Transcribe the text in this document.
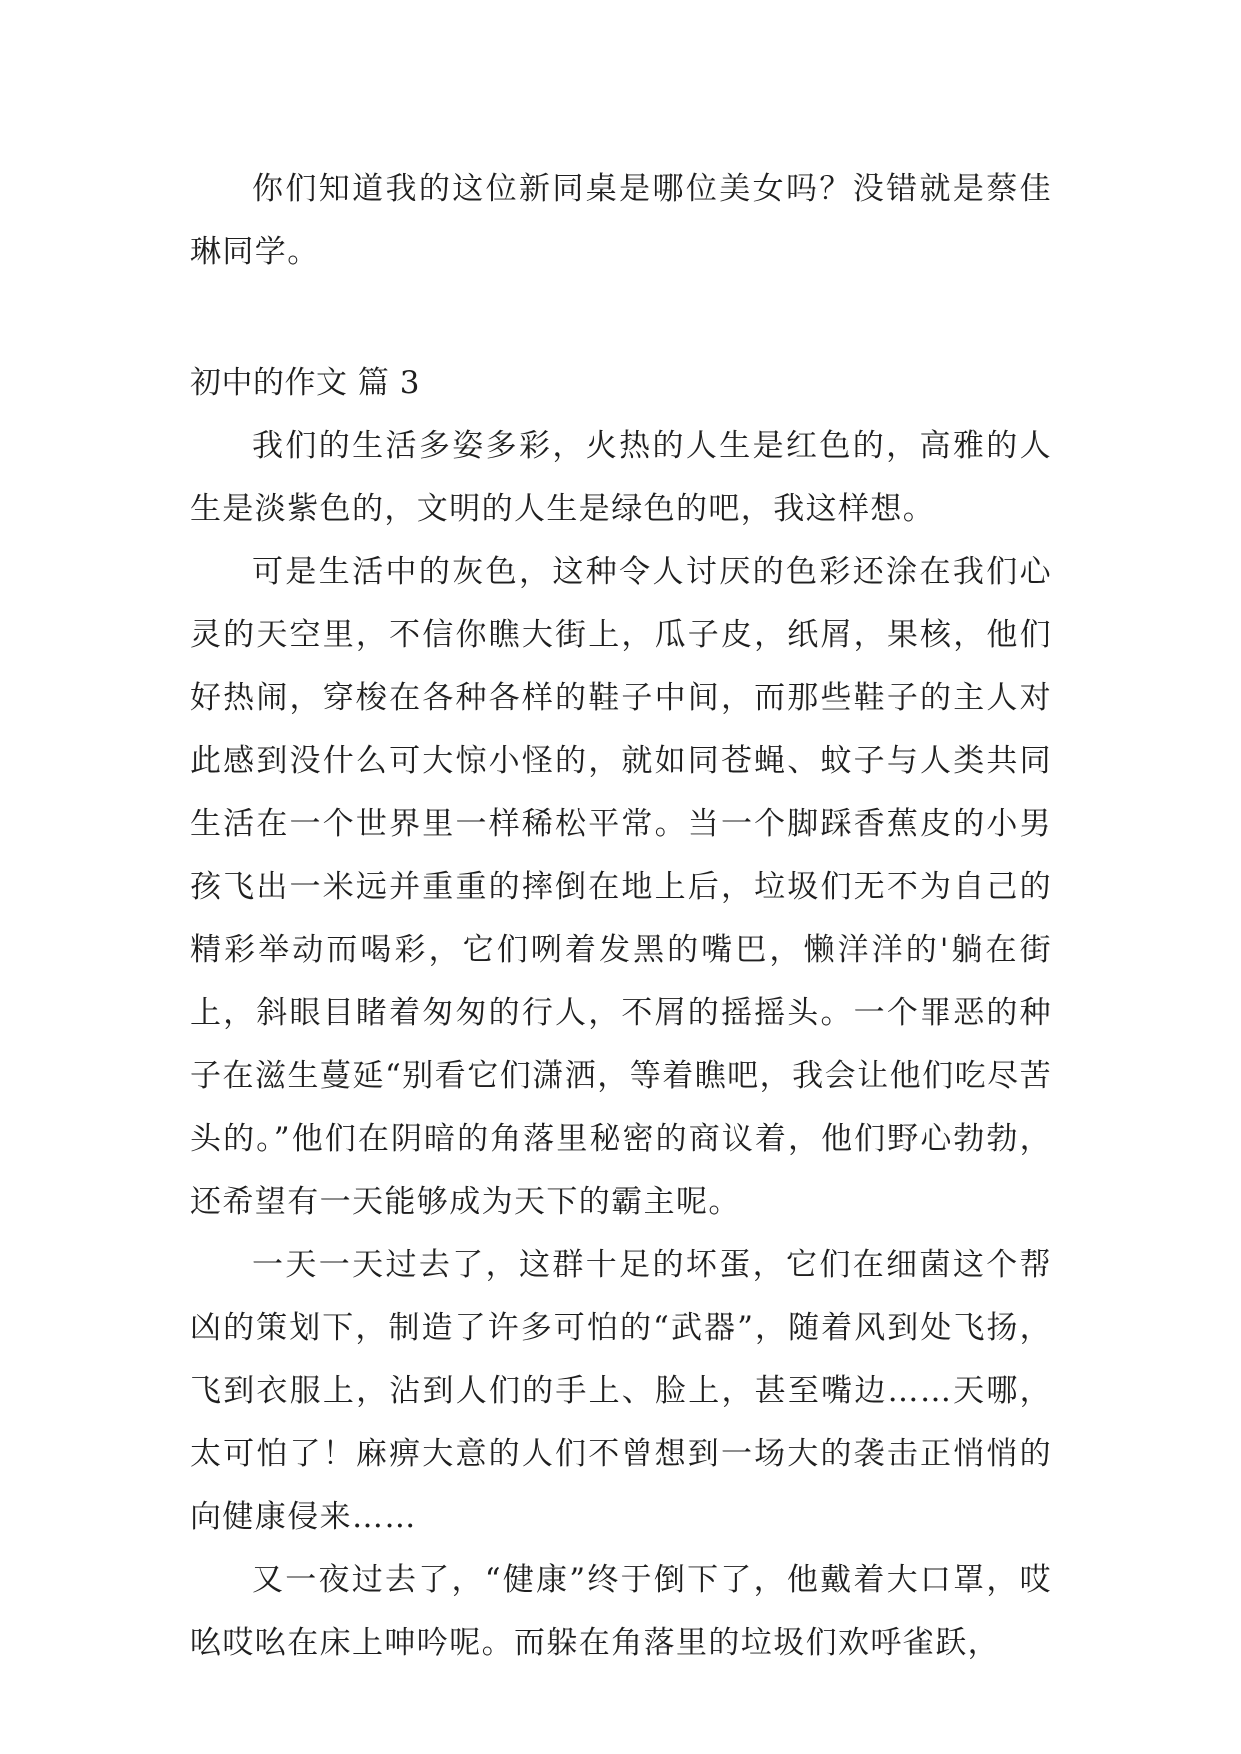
你们知道我的这位新同桌是哪位美女吗？没错就是蔡佳琳同学。

初中的作文 篇 3

我们的生活多姿多彩，火热的人生是红色的，高雅的人生是淡紫色的，文明的人生是绿色的吧，我这样想。

可是生活中的灰色，这种令人讨厌的色彩还涂在我们心灵的天空里，不信你瞧大街上，瓜子皮，纸屑，果核，他们好热闹，穿梭在各种各样的鞋子中间，而那些鞋子的主人对此感到没什么可大惊小怪的，就如同苍蝇、蚊子与人类共同生活在一个世界里一样稀松平常。当一个脚踩香蕉皮的小男孩飞出一米远并重重的摔倒在地上后，垃圾们无不为自己的精彩举动而喝彩，它们咧着发黑的嘴巴，懒洋洋的'躺在街上，斜眼目睹着匆匆的行人，不屑的摇摇头。一个罪恶的种子在滋生蔓延“别看它们潇洒，等着瞧吧，我会让他们吃尽苦头的。”他们在阴暗的角落里秘密的商议着，他们野心勃勃，还希望有一天能够成为天下的霸主呢。

一天一天过去了，这群十足的坏蛋，它们在细菌这个帮凶的策划下，制造了许多可怕的“武器”，随着风到处飞扬，飞到衣服上，沾到人们的手上、脸上，甚至嘴边……天哪，太可怕了！麻痹大意的人们不曾想到一场大的袭击正悄悄的向健康侵来……

又一夜过去了，“健康”终于倒下了，他戴着大口罩，哎吆哎吆在床上呻吟呢。而躲在角落里的垃圾们欢呼雀跃，
